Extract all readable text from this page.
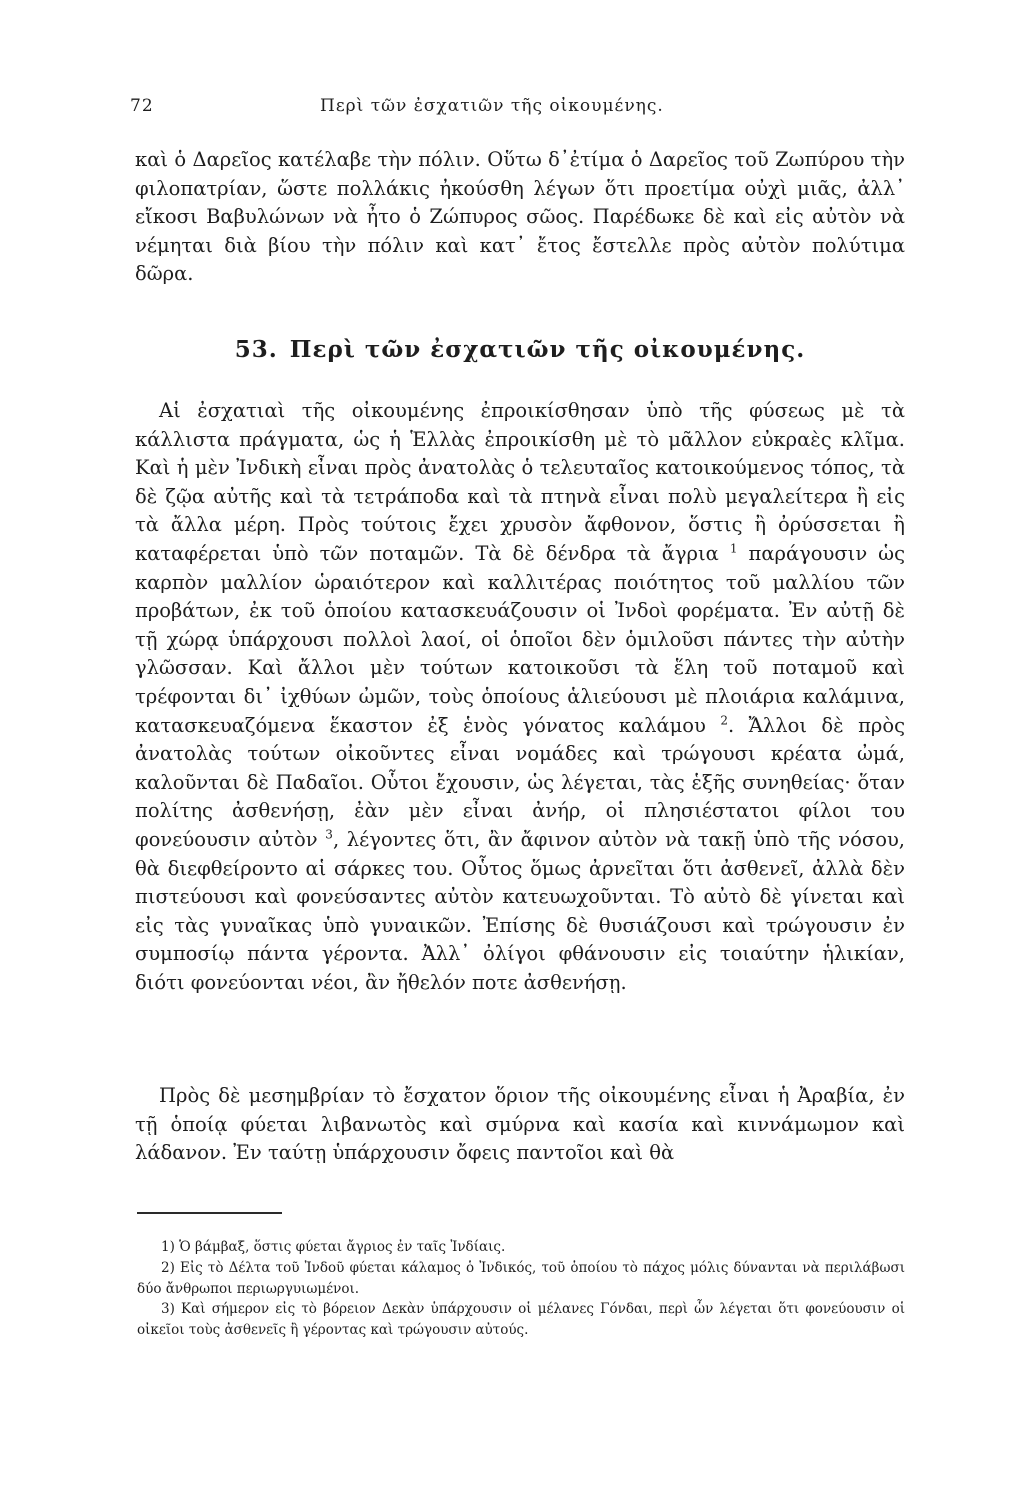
72	Περὶ τῶν ἐσχατιῶν τῆς οἰκουμένης.

καὶ ὁ Δαρεῖος κατέλαβε τὴν πόλιν. Οὕτω δ᾽ἐτίμα ὁ Δαρεῖος τοῦ Ζωπύρου τὴν φιλοπατρίαν, ὥστε πολλάκις ἠκούσθη λέγων ὅτι προετίμα οὐχὶ μιᾶς, ἀλλ᾽ εἴκοσι Βαβυλώνων νὰ ἦτο ὁ Ζώπυρος σῶος. Παρέδωκε δὲ καὶ εἰς αὐτὸν νὰ νέμηται διὰ βίου τὴν πόλιν καὶ κατ᾽ ἔτος ἔστελλε πρὸς αὐτὸν πολύτιμα δῶρα.

53. Περὶ τῶν ἐσχατιῶν τῆς οἰκουμένης.

Αἱ ἐσχατιαὶ τῆς οἰκουμένης ἐπροικίσθησαν ὑπὸ τῆς φύσεως μὲ τὰ κάλλιστα πράγματα, ὡς ἡ Ἑλλὰς ἐπροικίσθη μὲ τὸ μᾶλλον εὐκραὲς κλῖμα. Καὶ ἡ μὲν Ἰνδικὴ εἶναι πρὸς ἀνατολὰς ὁ τελευταῖος κατοικούμενος τόπος, τὰ δὲ ζῷα αὐτῆς καὶ τὰ τετράποδα καὶ τὰ πτηνὰ εἶναι πολὺ μεγαλείτερα ἢ εἰς τὰ ἄλλα μέρη. Πρὸς τούτοις ἔχει χρυσὸν ἄφθονον, ὅστις ἢ ὀρύσσεται ἢ καταφέρεται ὑπὸ τῶν ποταμῶν. Τὰ δὲ δένδρα τὰ ἄγρια $^1$ παράγουσιν ὡς καρπὸν μαλλίον ὡραιότερον καὶ καλλιτέρας ποιότητος τοῦ μαλλίου τῶν προβάτων, ἐκ τοῦ ὁποίου κατασκευάζουσιν οἱ Ἰνδοὶ φορέματα. Ἐν αὐτῇ δὲ τῇ χώρᾳ ὑπάρχουσι πολλοὶ λαοί, οἱ ὁποῖοι δὲν ὁμιλοῦσι πάντες τὴν αὐτὴν γλῶσσαν. Καὶ ἄλλοι μὲν τούτων κατοικοῦσι τὰ ἕλη τοῦ ποταμοῦ καὶ τρέφονται δι᾽ ἰχθύων ὠμῶν, τοὺς ὁποίους ἁλιεύουσι μὲ πλοιάρια καλάμινα, κατασκευαζόμενα ἕκαστον ἐξ ἑνὸς γόνατος καλάμου $^2$. Ἄλλοι δὲ πρὸς ἀνατολὰς τούτων οἰκοῦντες εἶναι νομάδες καὶ τρώγουσι κρέατα ὠμά, καλοῦνται δὲ Παδαῖοι. Οὗτοι ἔχουσιν, ὡς λέγεται, τὰς ἑξῆς συνηθείας· ὅταν πολίτης ἀσθενήσῃ, ἐὰν μὲν εἶναι ἀνήρ, οἱ πλησιέστατοι φίλοι του φονεύουσιν αὐτὸν $^3$, λέγοντες ὅτι, ἂν ἄφινον αὐτὸν νὰ τακῇ ὑπὸ τῆς νόσου, θὰ διεφθείροντο αἱ σάρκες του. Οὗτος ὅμως ἀρνεῖται ὅτι ἀσθενεῖ, ἀλλὰ δὲν πιστεύουσι καὶ φονεύσαντες αὐτὸν κατευωχοῦνται. Τὸ αὐτὸ δὲ γίνεται καὶ εἰς τὰς γυναῖκας ὑπὸ γυναικῶν. Ἐπίσης δὲ θυσιάζουσι καὶ τρώγουσιν ἐν συμποσίῳ πάντα γέροντα. Ἀλλ᾽ ὀλίγοι φθάνουσιν εἰς τοιαύτην ἡλικίαν, διότι φονεύονται νέοι, ἂν ἤθελόν ποτε ἀσθενήσῃ.

Πρὸς δὲ μεσημβρίαν τὸ ἔσχατον ὅριον τῆς οἰκουμένης εἶναι ἡ Ἀραβία, ἐν τῇ ὁποίᾳ φύεται λιβανωτὸς καὶ σμύρνα καὶ κασία καὶ κιννάμωμον καὶ λάδανον. Ἐν ταύτῃ ὑπάρχουσιν ὄφεις παντοῖοι καὶ θὰ

1) Ὁ βάμβαξ, ὅστις φύεται ἄγριος ἐν ταῖς Ἰνδίαις.

2) Εἰς τὸ Δέλτα τοῦ Ἰνδοῦ φύεται κάλαμος ὁ Ἰνδικός, τοῦ ὁποίου τὸ πάχος μόλις δύνανται νὰ περιλάβωσι δύο ἄνθρωποι περιωργυιωμένοι.

3) Καὶ σήμερον εἰς τὸ βόρειον Δεκὰν ὑπάρχουσιν οἱ μέλανες Γόνδαι, περὶ ὧν λέγεται ὅτι φονεύουσιν οἱ οἰκεῖοι τοὺς ἀσθενεῖς ἢ γέροντας καὶ τρώγουσιν αὐτούς.
